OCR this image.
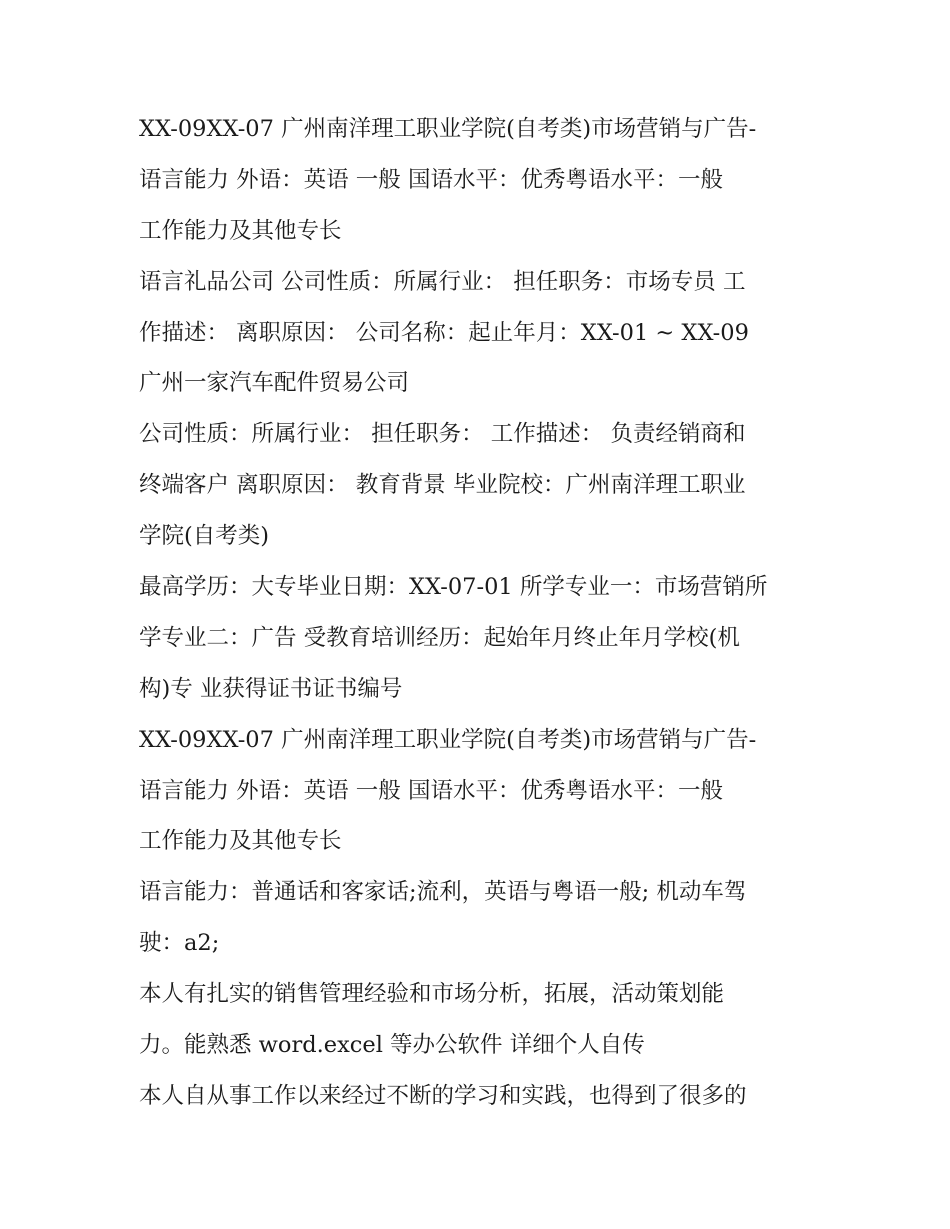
XX-09XX-07 广州南洋理工职业学院(自考类)市场营销与广告-
语言能力 外语：英语 一般 国语水平：优秀粤语水平：一般
工作能力及其他专长
语言礼品公司 公司性质：所属行业： 担任职务：市场专员 工
作描述： 离职原因： 公司名称：起止年月：XX-01 ~ XX-09
广州一家汽车配件贸易公司
公司性质：所属行业： 担任职务： 工作描述： 负责经销商和
终端客户 离职原因： 教育背景 毕业院校：广州南洋理工职业
学院(自考类)
最高学历：大专毕业日期：XX-07-01 所学专业一：市场营销所
学专业二：广告 受教育培训经历：起始年月终止年月学校(机
构)专 业获得证书证书编号
XX-09XX-07 广州南洋理工职业学院(自考类)市场营销与广告-
语言能力 外语：英语 一般 国语水平：优秀粤语水平：一般
工作能力及其他专长
语言能力：普通话和客家话;流利，英语与粤语一般; 机动车驾
驶：a2;
本人有扎实的销售管理经验和市场分析，拓展，活动策划能
力。能熟悉 word.excel 等办公软件 详细个人自传
本人自从事工作以来经过不断的学习和实践，也得到了很多的
